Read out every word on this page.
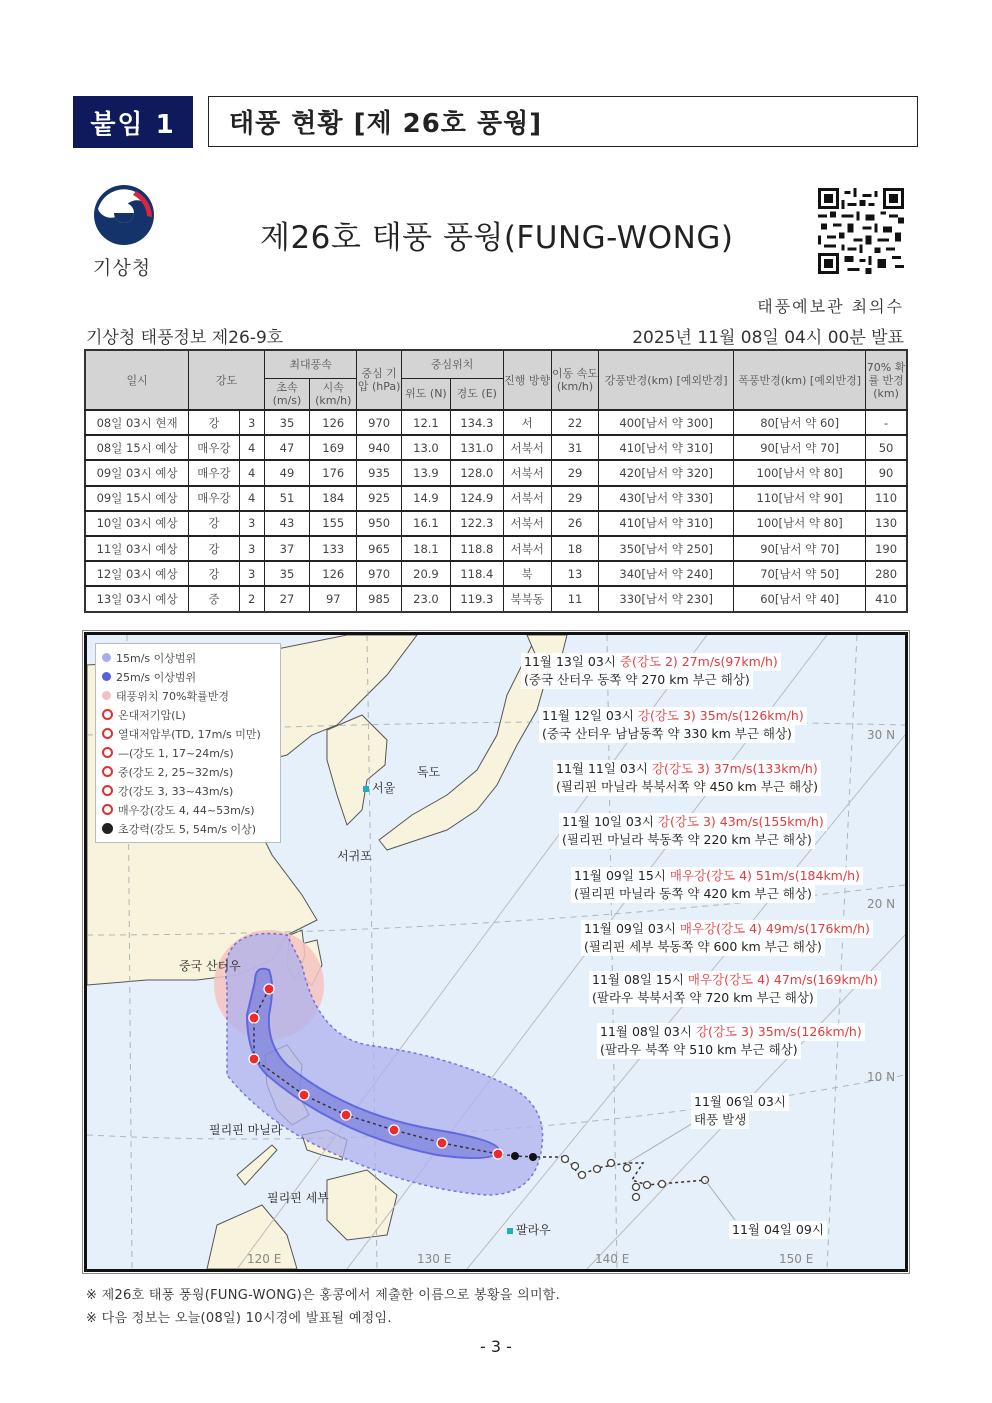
붙임 1	태풍 현황 [제 26호 풍웡]
기상청
제26호 태풍 풍웡(FUNG-WONG)
태풍예보관 최의수
기상청 태풍정보 제26-9호	2025년 11월 08일 04시 00분 발표
일시	강도		최대풍속		중심 기압 (hPa)	중심위치		진행 방향	이동 속도 (km/h)	강풍반경(km) [예외반경]	폭풍반경(km) [예외반경]	70% 확률 반경 (km)
			초속 (m/s)	시속 (km/h)		위도 (N)	경도 (E)					
08일 03시 현재	강	3	35	126	970	12.1	134.3	서	22	400[남서 약 300]	80[남서 약 60]	-
08일 15시 예상	매우강	4	47	169	940	13.0	131.0	서북서	31	410[남서 약 310]	90[남서 약 70]	50
09일 03시 예상	매우강	4	49	176	935	13.9	128.0	서북서	29	420[남서 약 320]	100[남서 약 80]	90
09일 15시 예상	매우강	4	51	184	925	14.9	124.9	서북서	29	430[남서 약 330]	110[남서 약 90]	110
10일 03시 예상	강	3	43	155	950	16.1	122.3	서북서	26	410[남서 약 310]	100[남서 약 80]	130
11일 03시 예상	강	3	37	133	965	18.1	118.8	서북서	18	350[남서 약 250]	90[남서 약 70]	190
12일 03시 예상	강	3	35	126	970	20.9	118.4	북	13	340[남서 약 240]	70[남서 약 50]	280
13일 03시 예상	중	2	27	97	985	23.0	119.3	북북동	11	330[남서 약 230]	60[남서 약 40]	410
15m/s 이상범위
25m/s 이상범위
태풍위치 70%확률반경
온대저기압(L)
열대저압부(TD, 17m/s 미만)
—(강도 1, 17~24m/s)
중(강도 2, 25~32m/s)
강(강도 3, 33~43m/s)
매우강(강도 4, 44~53m/s)
초강력(강도 5, 54m/s 이상)
서울
독도
서귀포
중국 산터우
필리핀 마닐라
필리핀 세부
팔라우
30 N
20 N
10 N
120 E	130 E	140 E	150 E
11월 13일 03시 중(강도 2) 27m/s(97km/h)
(중국 산터우 동쪽 약 270 km 부근 해상)
11월 12일 03시 강(강도 3) 35m/s(126km/h)
(중국 산터우 남남동쪽 약 330 km 부근 해상)
11월 11일 03시 강(강도 3) 37m/s(133km/h)
(필리핀 마닐라 북북서쪽 약 450 km 부근 해상)
11월 10일 03시 강(강도 3) 43m/s(155km/h)
(필리핀 마닐라 북동쪽 약 220 km 부근 해상)
11월 09일 15시 매우강(강도 4) 51m/s(184km/h)
(필리핀 마닐라 동쪽 약 420 km 부근 해상)
11월 09일 03시 매우강(강도 4) 49m/s(176km/h)
(필리핀 세부 북동쪽 약 600 km 부근 해상)
11월 08일 15시 매우강(강도 4) 47m/s(169km/h)
(팔라우 북북서쪽 약 720 km 부근 해상)
11월 08일 03시 강(강도 3) 35m/s(126km/h)
(팔라우 북쪽 약 510 km 부근 해상)
11월 06일 03시
태풍 발생
11월 04일 09시
※ 제26호 태풍 풍웡(FUNG-WONG)은 홍콩에서 제출한 이름으로 봉황을 의미함.
※ 다음 정보는 오늘(08일) 10시경에 발표될 예정임.
- 3 -
